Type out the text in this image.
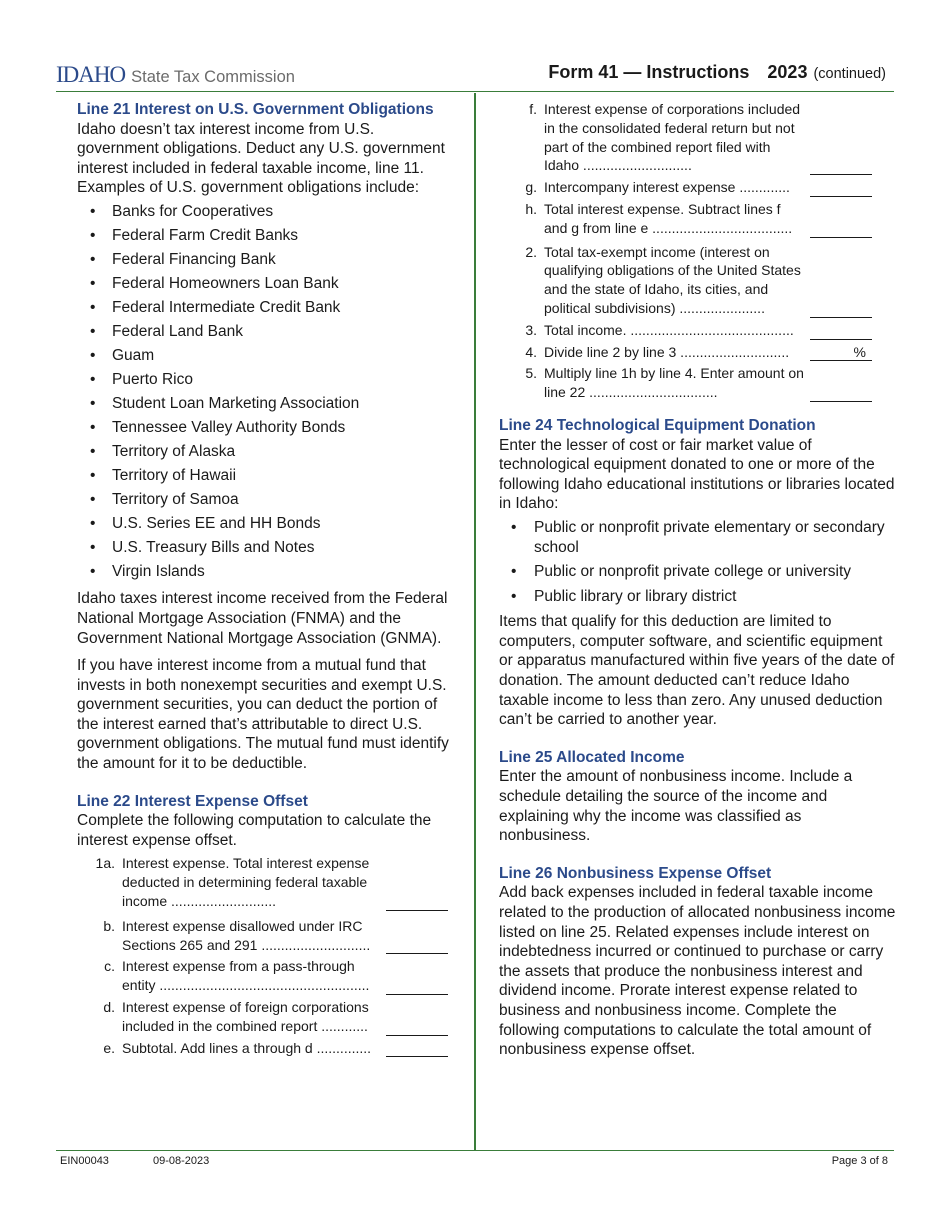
IDAHO State Tax Commission	Form 41 — Instructions 2023 (continued)
Line 21 Interest on U.S. Government Obligations

Idaho doesn’t tax interest income from U.S. government obligations. Deduct any U.S. government interest included in federal taxable income, line 11. Examples of U.S. government obligations include:

• Banks for Cooperatives
• Federal Farm Credit Banks
• Federal Financing Bank
• Federal Homeowners Loan Bank
• Federal Intermediate Credit Bank
• Federal Land Bank
• Guam
• Puerto Rico
• Student Loan Marketing Association
• Tennessee Valley Authority Bonds
• Territory of Alaska
• Territory of Hawaii
• Territory of Samoa
• U.S. Series EE and HH Bonds
• U.S. Treasury Bills and Notes
• Virgin Islands

Idaho taxes interest income received from the Federal National Mortgage Association (FNMA) and the Government National Mortgage Association (GNMA).

If you have interest income from a mutual fund that invests in both nonexempt securities and exempt U.S. government securities, you can deduct the portion of the interest earned that’s attributable to direct U.S. government obligations. The mutual fund must identify the amount for it to be deductible.

Line 22 Interest Expense Offset

Complete the following computation to calculate the interest expense offset.

1a. Interest expense. Total interest expense deducted in determining federal taxable income ...........................
b. Interest expense disallowed under IRC Sections 265 and 291 ............................
c. Interest expense from a pass-through entity ......................................................
d. Interest expense of foreign corporations included in the combined report ............
e. Subtotal. Add lines a through d ..............
f. Interest expense of corporations included in the consolidated federal return but not part of the combined report filed with Idaho ............................
g. Intercompany interest expense .............
h. Total interest expense. Subtract lines f and g from line e ....................................
2. Total tax-exempt income (interest on qualifying obligations of the United States and the state of Idaho, its cities, and political subdivisions) ......................
3. Total income. ..........................................
4. Divide line 2 by line 3 ............................	%
5. Multiply line 1h by line 4. Enter amount on line 22 .................................
Line 24 Technological Equipment Donation

Enter the lesser of cost or fair market value of technological equipment donated to one or more of the following Idaho educational institutions or libraries located in Idaho:

• Public or nonprofit private elementary or secondary school
• Public or nonprofit private college or university
• Public library or library district

Items that qualify for this deduction are limited to computers, computer software, and scientific equipment or apparatus manufactured within five years of the date of donation. The amount deducted can’t reduce Idaho taxable income to less than zero. Any unused deduction can’t be carried to another year.

Line 25 Allocated Income

Enter the amount of nonbusiness income. Include a schedule detailing the source of the income and explaining why the income was classified as nonbusiness.

Line 26 Nonbusiness Expense Offset

Add back expenses included in federal taxable income related to the production of allocated nonbusiness income listed on line 25. Related expenses include interest on indebtedness incurred or continued to purchase or carry the assets that produce the nonbusiness interest and dividend income. Prorate interest expense related to business and nonbusiness income. Complete the following computations to calculate the total amount of nonbusiness expense offset.

EIN00043	09-08-2023	Page 3 of 8
